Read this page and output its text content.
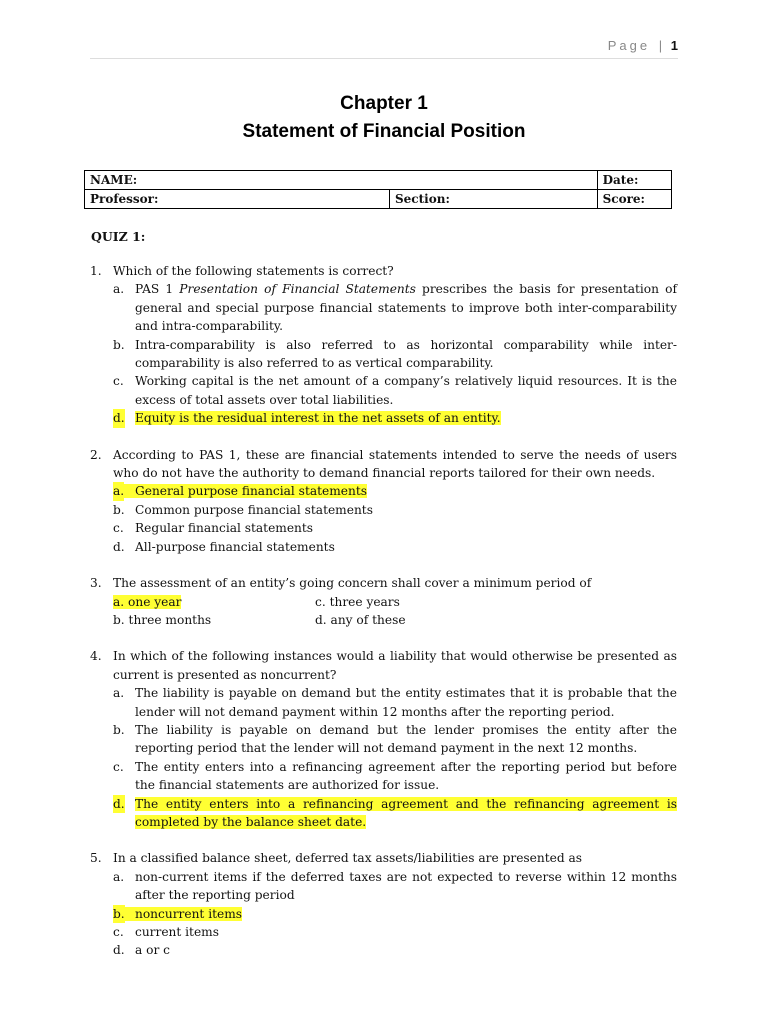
Page | 1
Chapter 1
Statement of Financial Position
NAME:		Date:
Professor:	Section:	Score:
QUIZ 1:
1. Which of the following statements is correct?
a. PAS 1 Presentation of Financial Statements prescribes the basis for presentation of general and special purpose financial statements to improve both inter-comparability and intra-comparability.
b. Intra-comparability is also referred to as horizontal comparability while inter-comparability is also referred to as vertical comparability.
c. Working capital is the net amount of a company’s relatively liquid resources. It is the excess of total assets over total liabilities.
d. Equity is the residual interest in the net assets of an entity.
2. According to PAS 1, these are financial statements intended to serve the needs of users who do not have the authority to demand financial reports tailored for their own needs.
a. General purpose financial statements
b. Common purpose financial statements
c. Regular financial statements
d. All-purpose financial statements
3. The assessment of an entity’s going concern shall cover a minimum period of
a. one year	c. three years
b. three months	d. any of these
4. In which of the following instances would a liability that would otherwise be presented as current is presented as noncurrent?
a. The liability is payable on demand but the entity estimates that it is probable that the lender will not demand payment within 12 months after the reporting period.
b. The liability is payable on demand but the lender promises the entity after the reporting period that the lender will not demand payment in the next 12 months.
c. The entity enters into a refinancing agreement after the reporting period but before the financial statements are authorized for issue.
d. The entity enters into a refinancing agreement and the refinancing agreement is completed by the balance sheet date.
5. In a classified balance sheet, deferred tax assets/liabilities are presented as
a. non-current items if the deferred taxes are not expected to reverse within 12 months after the reporting period
b. noncurrent items
c. current items
d. a or c
